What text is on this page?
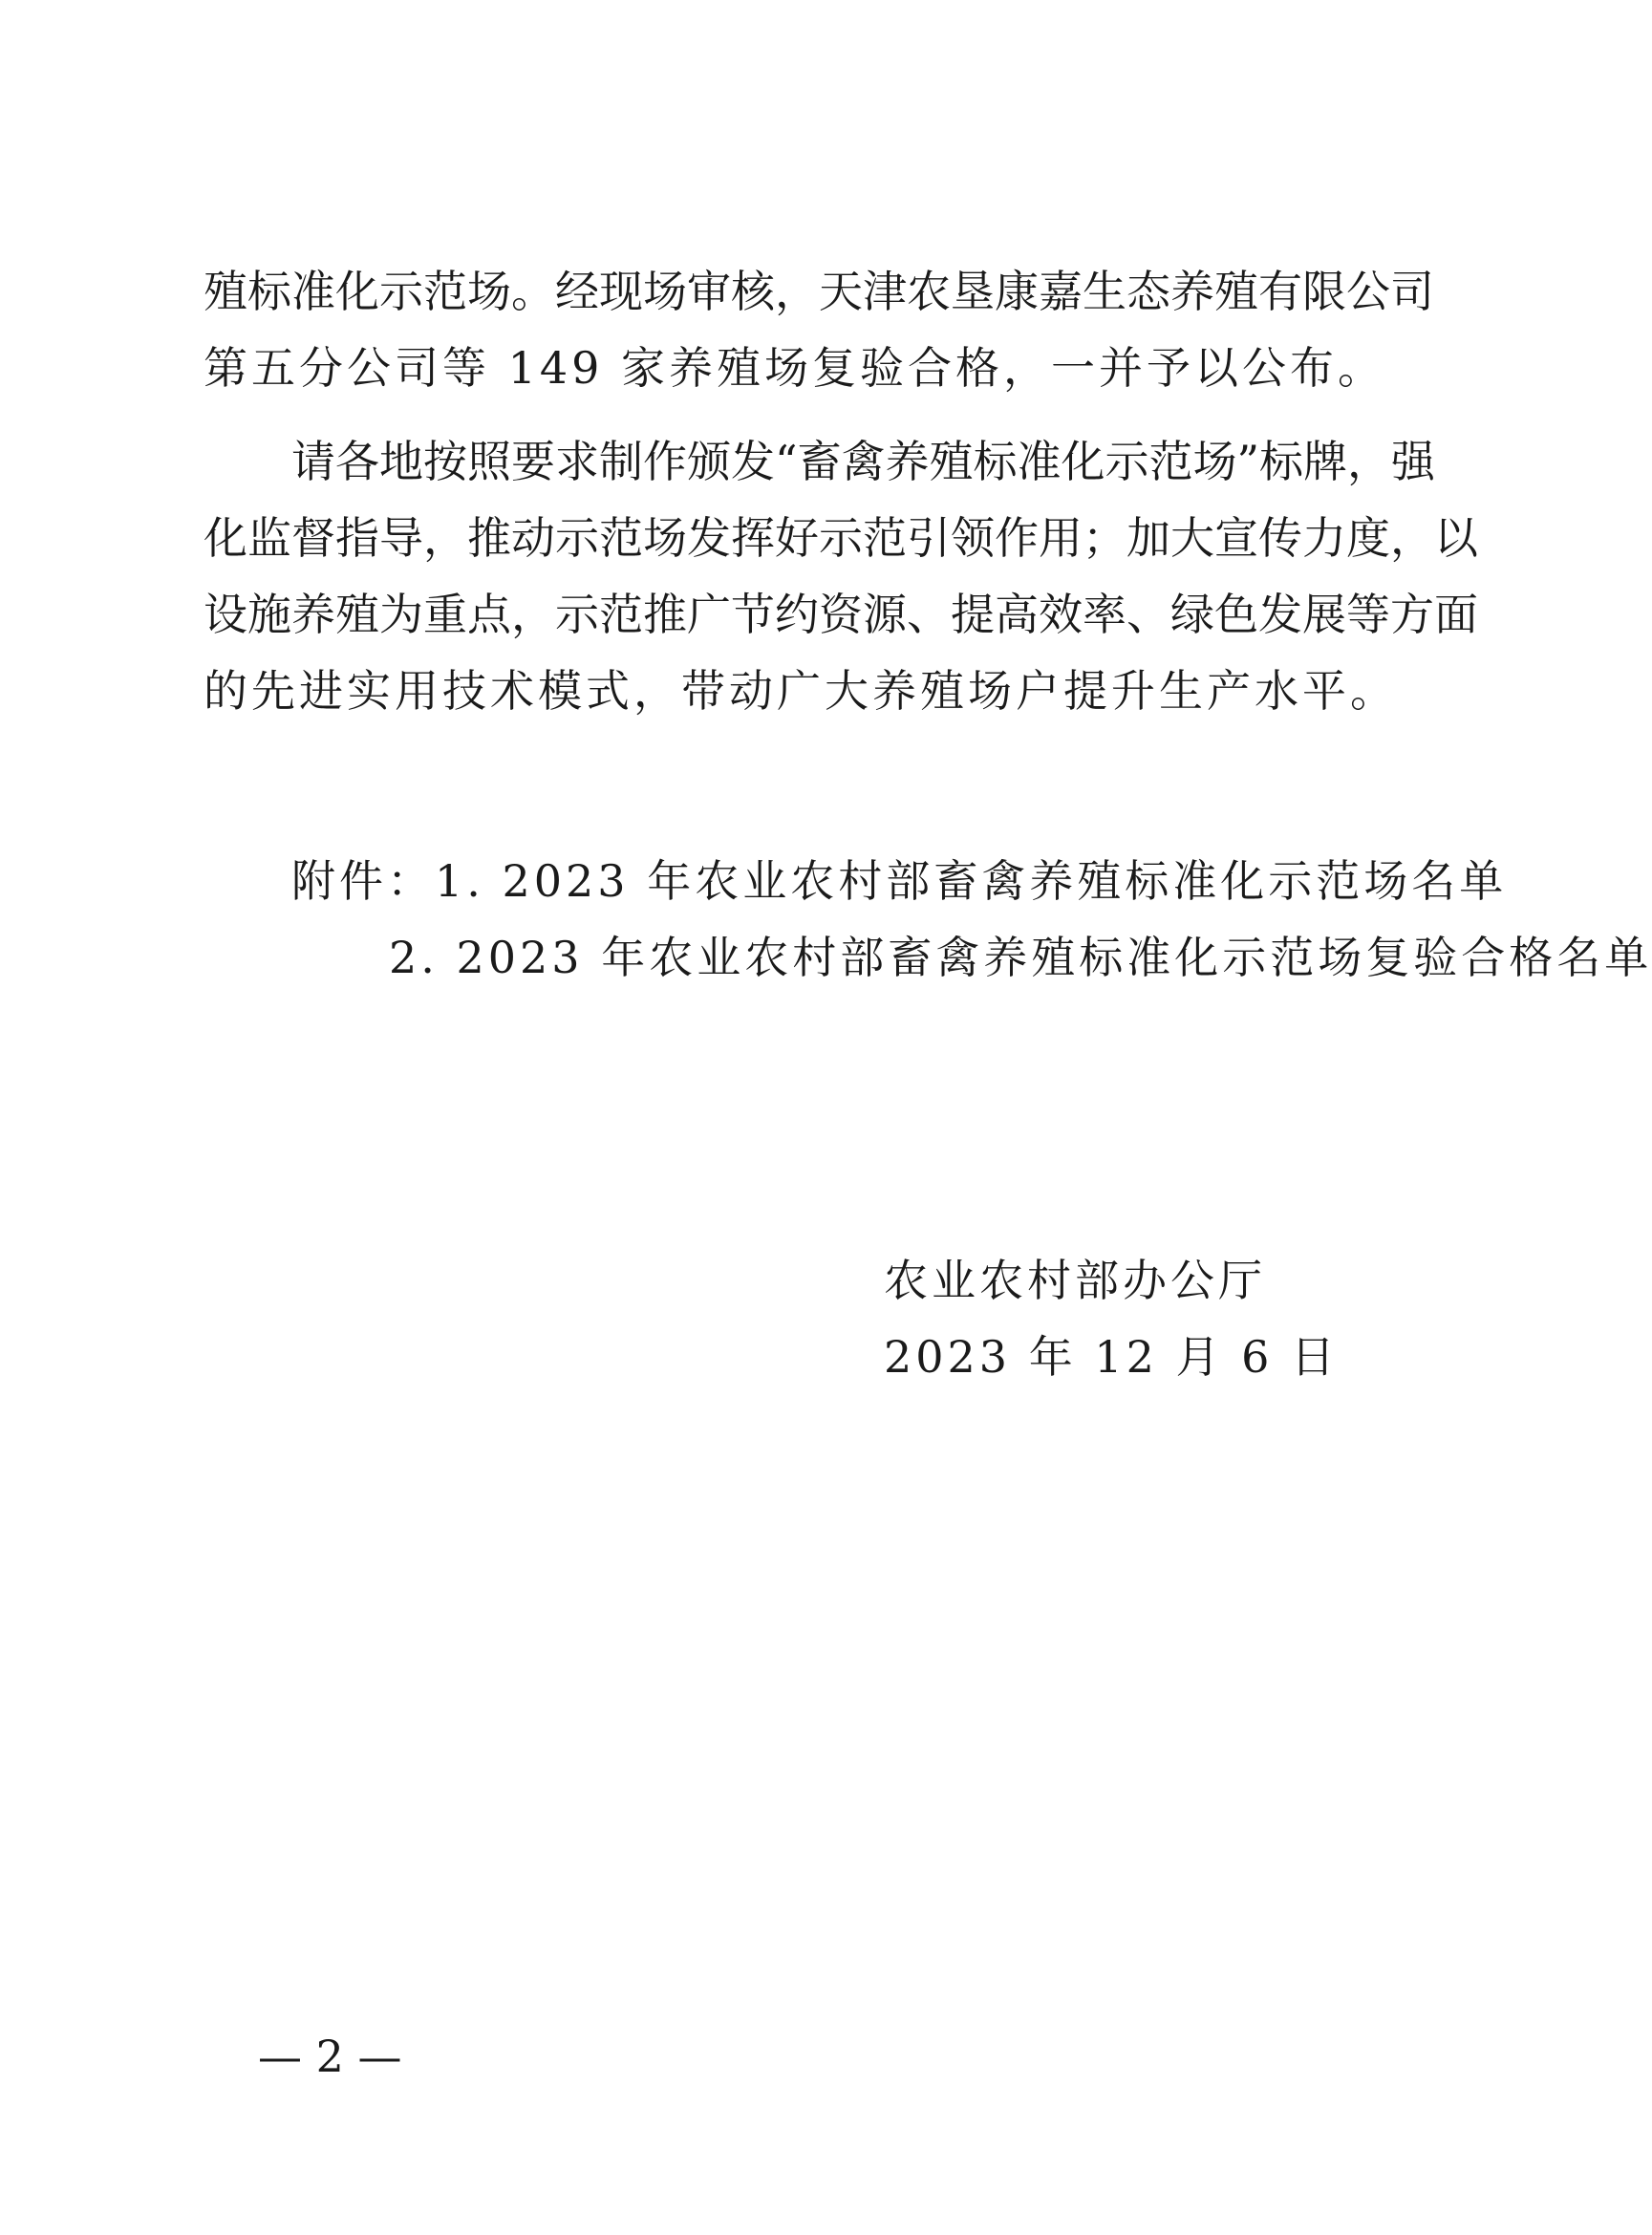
殖标准化示范场。经现场审核，天津农垦康嘉生态养殖有限公司
第五分公司等 149 家养殖场复验合格，一并予以公布。
请各地按照要求制作颁发“畜禽养殖标准化示范场”标牌，强
化监督指导，推动示范场发挥好示范引领作用；加大宣传力度，以
设施养殖为重点，示范推广节约资源、提高效率、绿色发展等方面
的先进实用技术模式，带动广大养殖场户提升生产水平。
附件：1. 2023 年农业农村部畜禽养殖标准化示范场名单
2. 2023 年农业农村部畜禽养殖标准化示范场复验合格名单
农业农村部办公厅
2023 年 12 月 6 日
— 2 —
